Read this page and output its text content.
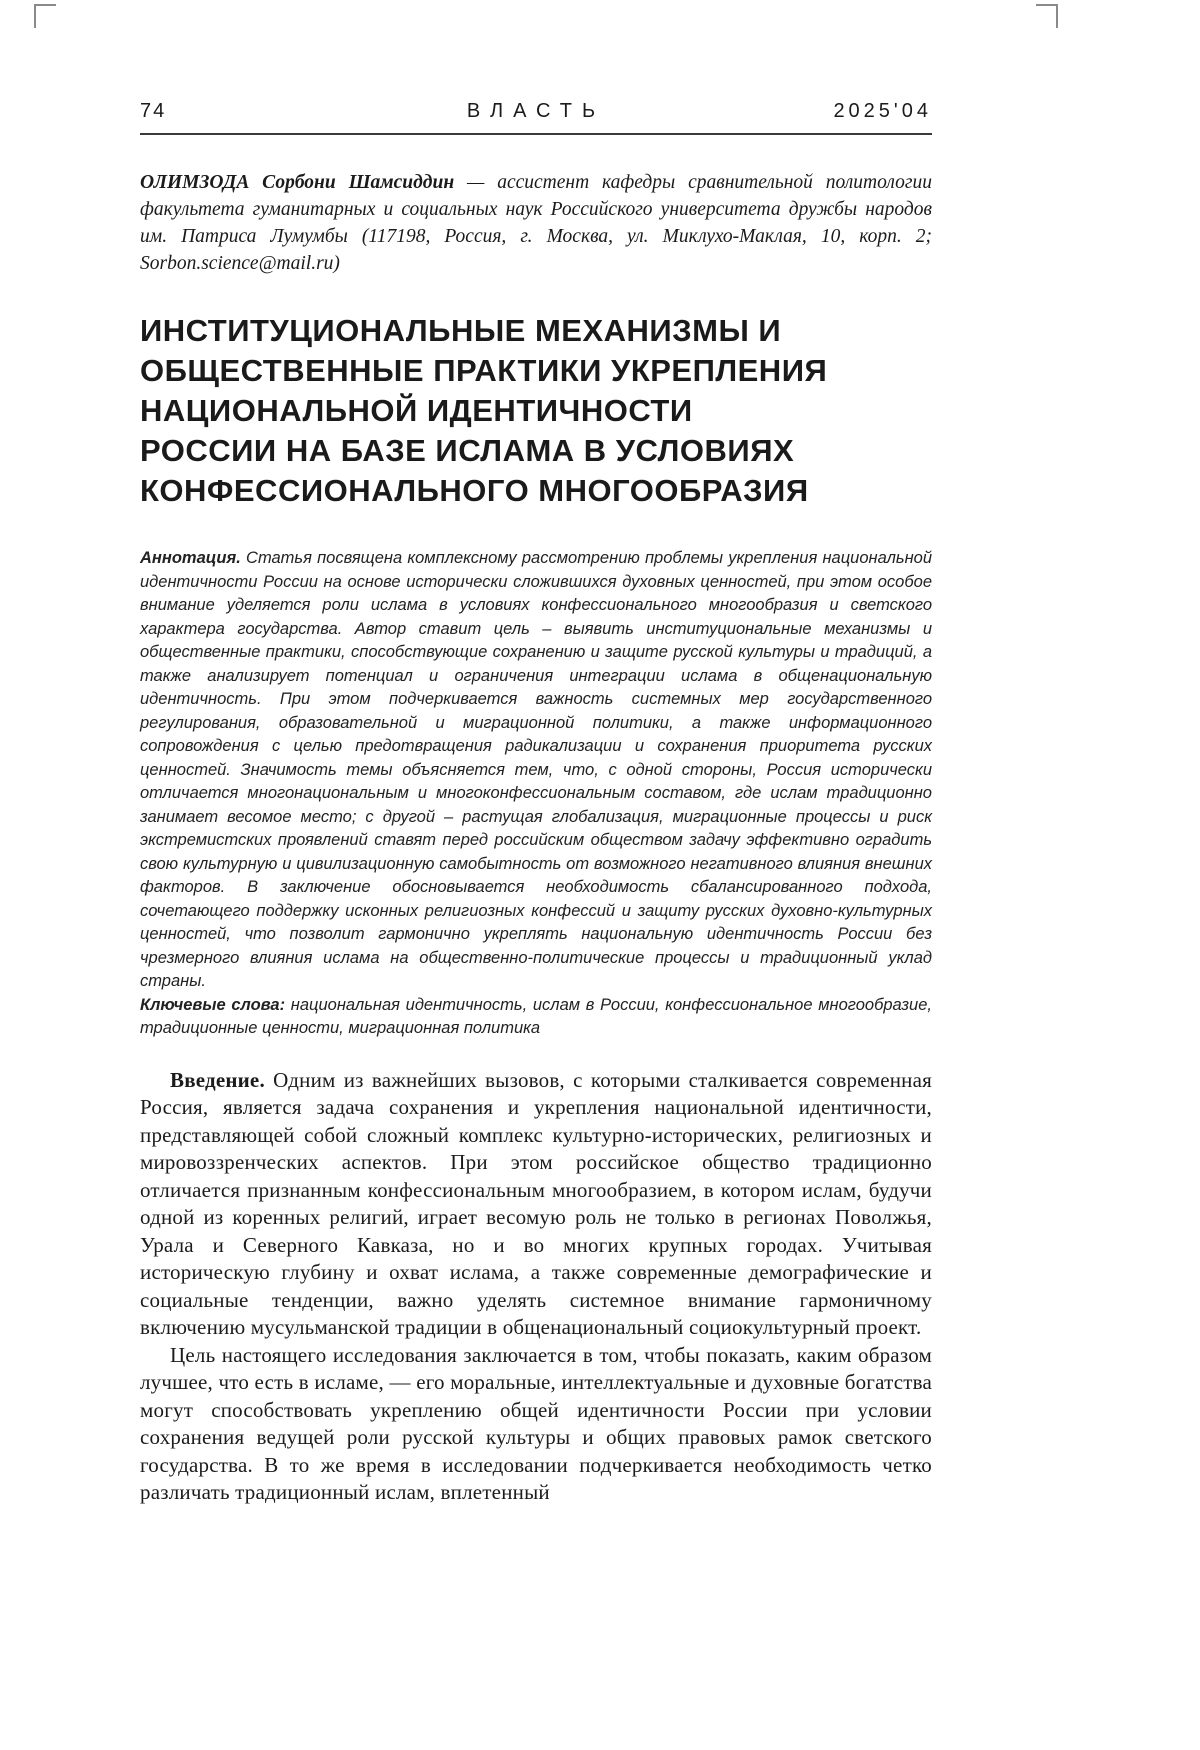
74	ВЛАСТЬ	2025'04

ОЛИМЗОДА Сорбони Шамсиддин — ассистент кафедры сравнительной политологии факультета гуманитарных и социальных наук Российского университета дружбы народов им. Патриса Лумумбы (117198, Россия, г. Москва, ул. Миклухо-Маклая, 10, корп. 2; Sorbon.science@mail.ru)

ИНСТИТУЦИОНАЛЬНЫЕ МЕХАНИЗМЫ И
ОБЩЕСТВЕННЫЕ ПРАКТИКИ УКРЕПЛЕНИЯ
НАЦИОНАЛЬНОЙ ИДЕНТИЧНОСТИ
РОССИИ НА БАЗЕ ИСЛАМА В УСЛОВИЯХ
КОНФЕССИОНАЛЬНОГО МНОГООБРАЗИЯ

Аннотация. Статья посвящена комплексному рассмотрению проблемы укрепления национальной идентичности России на основе исторически сложившихся духовных ценностей, при этом особое внимание уделяется роли ислама в условиях конфессионального многообразия и светского характера государства. Автор ставит цель – выявить институциональные механизмы и общественные практики, способствующие сохранению и защите русской культуры и традиций, а также анализирует потенциал и ограничения интеграции ислама в общенациональную идентичность. При этом подчеркивается важность системных мер государственного регулирования, образовательной и миграционной политики, а также информационного сопровождения с целью предотвращения радикализации и сохранения приоритета русских ценностей. Значимость темы объясняется тем, что, с одной стороны, Россия исторически отличается многонациональным и многоконфессиональным составом, где ислам традиционно занимает весомое место; с другой – растущая глобализация, миграционные процессы и риск экстремистских проявлений ставят перед российским обществом задачу эффективно оградить свою культурную и цивилизационную самобытность от возможного негативного влияния внешних факторов. В заключение обосновывается необходимость сбалансированного подхода, сочетающего поддержку исконных религиозных конфессий и защиту русских духовно-культурных ценностей, что позволит гармонично укреплять национальную идентичность России без чрезмерного влияния ислама на общественно-политические процессы и традиционный уклад страны.

Ключевые слова: национальная идентичность, ислам в России, конфессиональное многообразие, традиционные ценности, миграционная политика

Введение. Одним из важнейших вызовов, с которыми сталкивается современная Россия, является задача сохранения и укрепления национальной идентичности, представляющей собой сложный комплекс культурно-исторических, религиозных и мировоззренческих аспектов. При этом российское общество традиционно отличается признанным конфессиональным многообразием, в котором ислам, будучи одной из коренных религий, играет весомую роль не только в регионах Поволжья, Урала и Северного Кавказа, но и во многих крупных городах. Учитывая историческую глубину и охват ислама, а также современные демографические и социальные тенденции, важно уделять системное внимание гармоничному включению мусульманской традиции в общенациональный социокультурный проект.

Цель настоящего исследования заключается в том, чтобы показать, каким образом лучшее, что есть в исламе, — его моральные, интеллектуальные и духовные богатства могут способствовать укреплению общей идентичности России при условии сохранения ведущей роли русской культуры и общих правовых рамок светского государства. В то же время в исследовании подчеркивается необходимость четко различать традиционный ислам, вплетенный
